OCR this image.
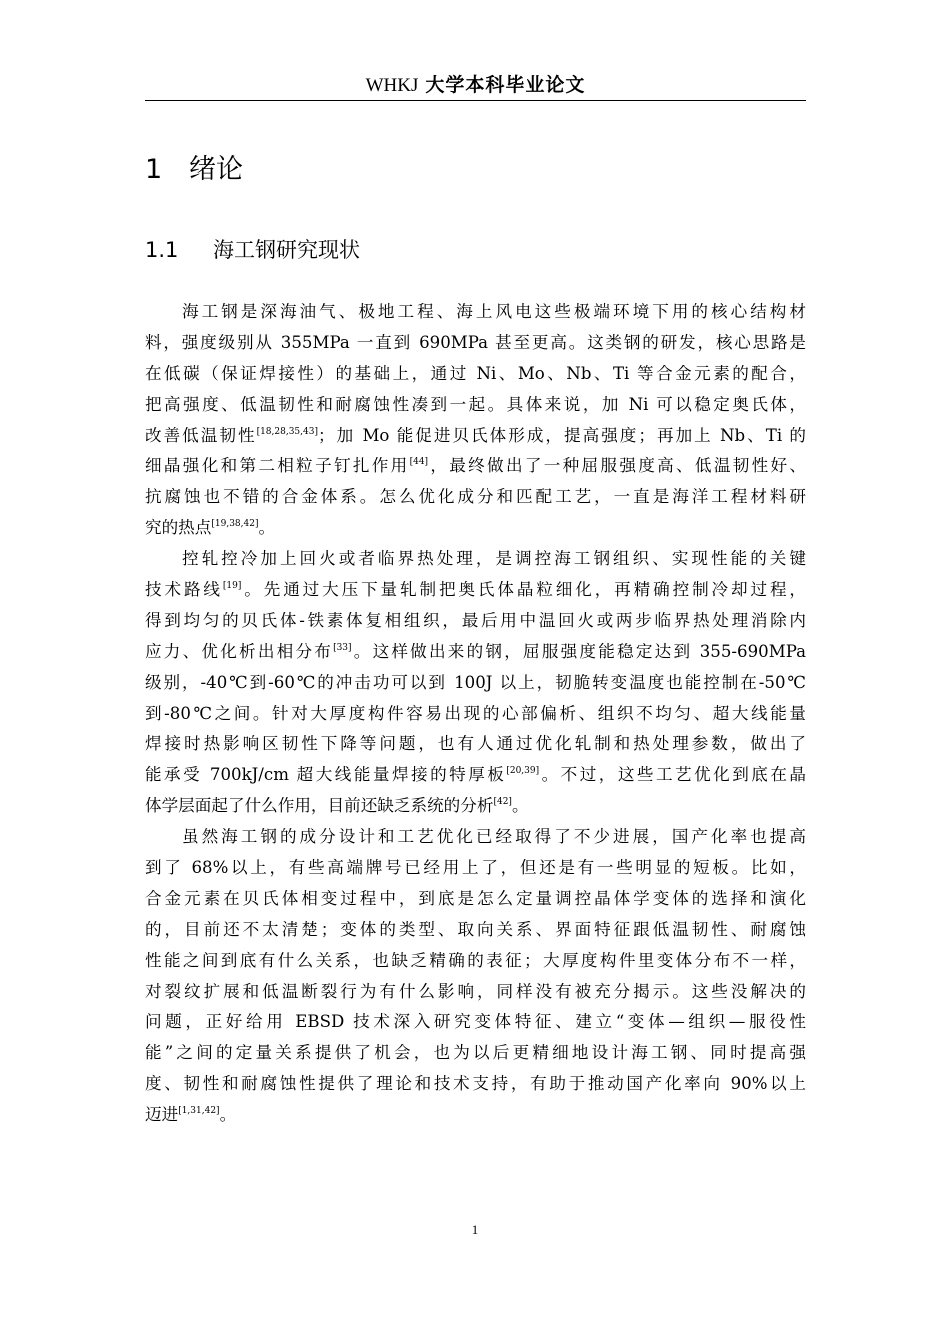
WHKJ 大学本科毕业论文
1 绪论
1.1 海工钢研究现状
海工钢是深海油气、极地工程、海上风电这些极端环境下用的核心结构材
料，强度级别从 355MPa 一直到 690MPa 甚至更高。这类钢的研发，核心思路是
在低碳（保证焊接性）的基础上，通过 Ni、Mo、Nb、Ti 等合金元素的配合，
把高强度、低温韧性和耐腐蚀性凑到一起。具体来说，加 Ni 可以稳定奥氏体，
改善低温韧性[18,28,35,43]；加 Mo 能促进贝氏体形成，提高强度；再加上 Nb、Ti 的
细晶强化和第二相粒子钉扎作用[44]，最终做出了一种屈服强度高、低温韧性好、
抗腐蚀也不错的合金体系。怎么优化成分和匹配工艺，一直是海洋工程材料研
究的热点[19,38,42]。
控轧控冷加上回火或者临界热处理，是调控海工钢组织、实现性能的关键
技术路线[19]。先通过大压下量轧制把奥氏体晶粒细化，再精确控制冷却过程，
得到均匀的贝氏体-铁素体复相组织，最后用中温回火或两步临界热处理消除内
应力、优化析出相分布[33]。这样做出来的钢，屈服强度能稳定达到 355-690MPa
级别，-40℃到-60℃的冲击功可以到 100J 以上，韧脆转变温度也能控制在-50℃
到-80℃之间。针对大厚度构件容易出现的心部偏析、组织不均匀、超大线能量
焊接时热影响区韧性下降等问题，也有人通过优化轧制和热处理参数，做出了
能承受 700kJ/cm 超大线能量焊接的特厚板[20,39]。不过，这些工艺优化到底在晶
体学层面起了什么作用，目前还缺乏系统的分析[42]。
虽然海工钢的成分设计和工艺优化已经取得了不少进展，国产化率也提高
到了 68%以上，有些高端牌号已经用上了，但还是有一些明显的短板。比如，
合金元素在贝氏体相变过程中，到底是怎么定量调控晶体学变体的选择和演化
的，目前还不太清楚；变体的类型、取向关系、界面特征跟低温韧性、耐腐蚀
性能之间到底有什么关系，也缺乏精确的表征；大厚度构件里变体分布不一样，
对裂纹扩展和低温断裂行为有什么影响，同样没有被充分揭示。这些没解决的
问题，正好给用 EBSD 技术深入研究变体特征、建立“变体—组织—服役性
能”之间的定量关系提供了机会，也为以后更精细地设计海工钢、同时提高强
度、韧性和耐腐蚀性提供了理论和技术支持，有助于推动国产化率向 90%以上
迈进[1,31,42]。
1
